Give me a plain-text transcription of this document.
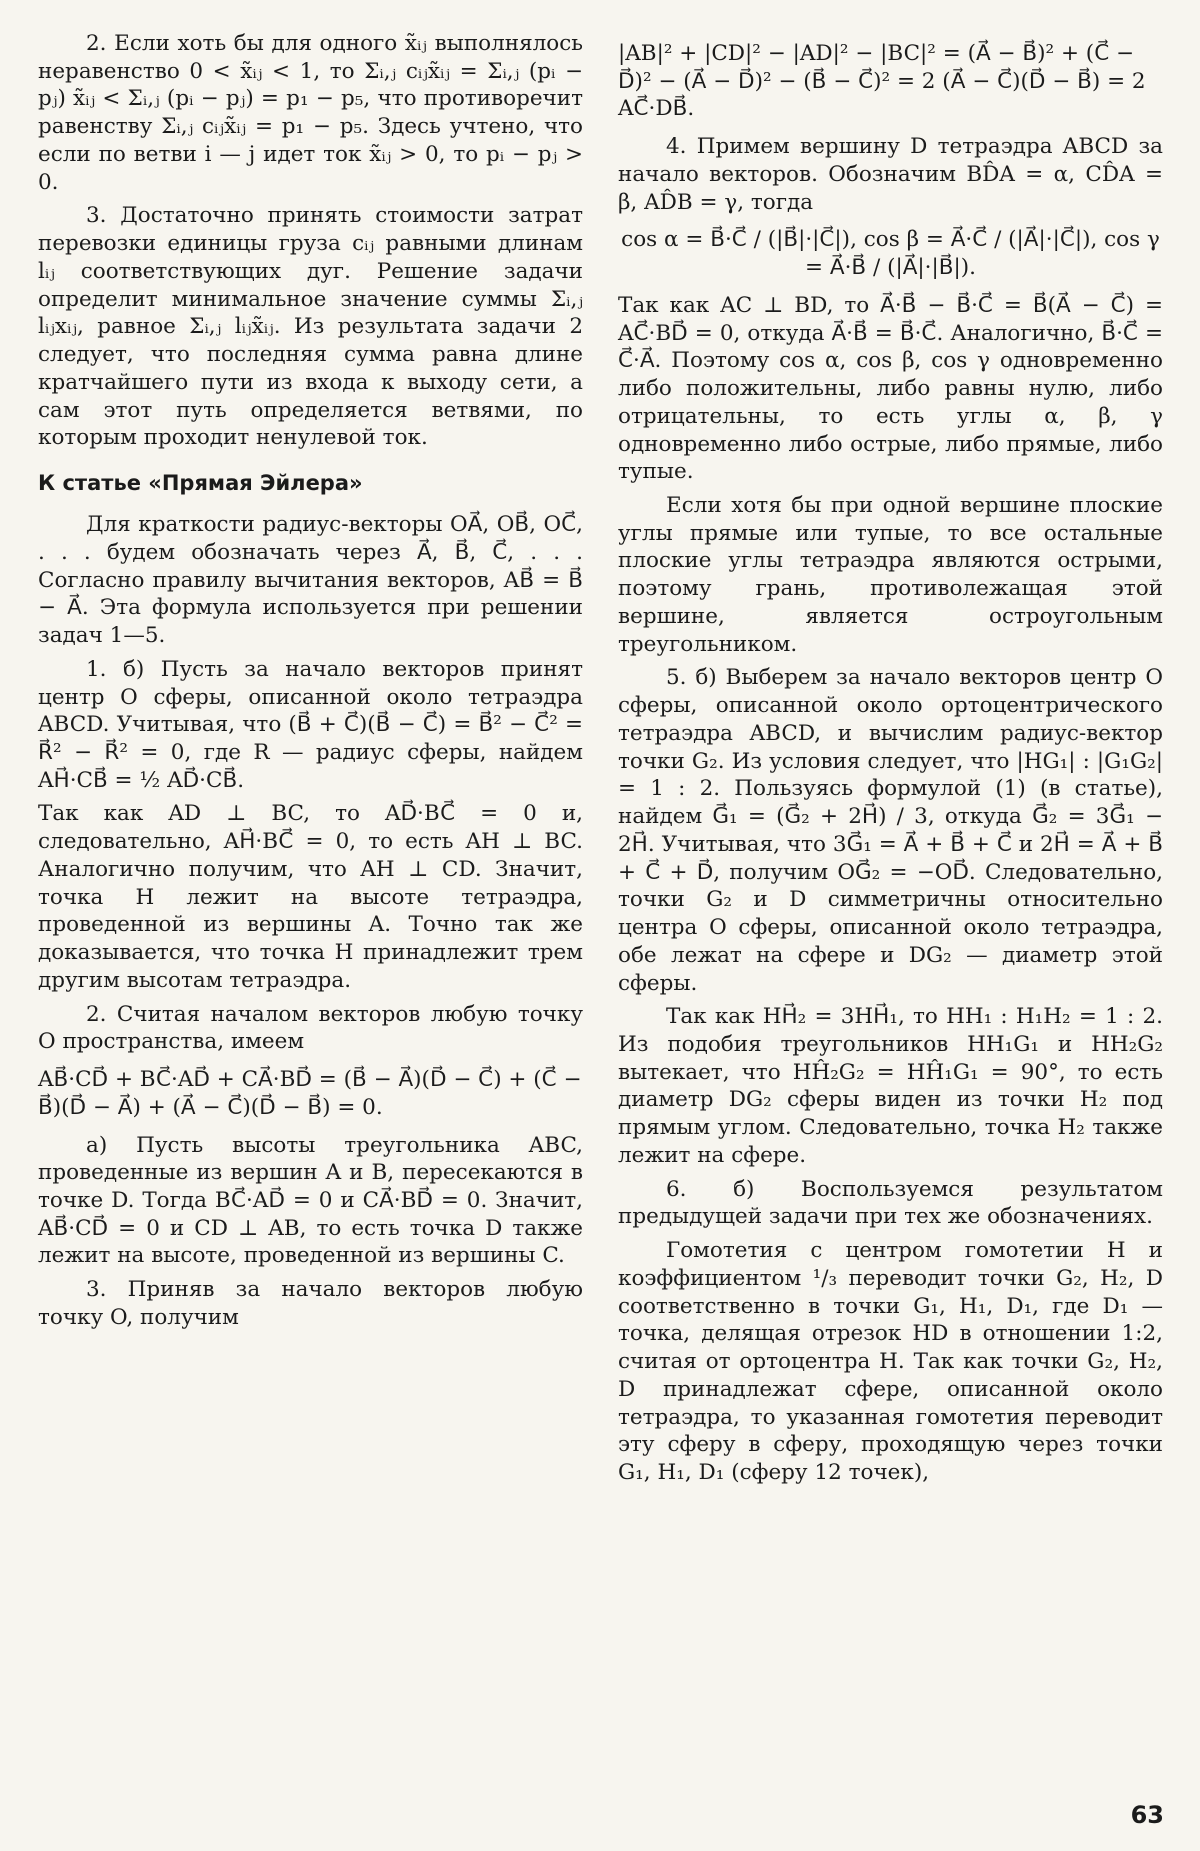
2. Если хоть бы для одного x̃ᵢⱼ выполнялось неравенство 0 < x̃ᵢⱼ < 1, то Σᵢ,ⱼ cᵢⱼx̃ᵢⱼ = Σᵢ,ⱼ (pᵢ − pⱼ) x̃ᵢⱼ < Σᵢ,ⱼ (pᵢ − pⱼ) = p₁ − p₅, что противоречит равенству Σᵢ,ⱼ cᵢⱼx̃ᵢⱼ = p₁ − p₅. Здесь учтено, что если по ветви i — j идет ток x̃ᵢⱼ > 0, то pᵢ − pⱼ > 0.

3. Достаточно принять стоимости затрат перевозки единицы груза cᵢⱼ равными длинам lᵢⱼ соответствующих дуг. Решение задачи определит минимальное значение суммы Σᵢ,ⱼ lᵢⱼxᵢⱼ, равное Σᵢ,ⱼ lᵢⱼx̃ᵢⱼ. Из результата задачи 2 следует, что последняя сумма равна длине кратчайшего пути из входа к выходу сети, а сам этот путь определяется ветвями, по которым проходит ненулевой ток.

К статье «Прямая Эйлера»

Для краткости радиус-векторы OA⃗, OB⃗, OC⃗, . . . будем обозначать через A⃗, B⃗, C⃗, . . . Согласно правилу вычитания векторов, AB⃗ = B⃗ − A⃗. Эта формула используется при решении задач 1—5.

1. б) Пусть за начало векторов принят центр O сферы, описанной около тетраэдра ABCD. Учитывая, что (B⃗ + C⃗)(B⃗ − C⃗) = B⃗² − C⃗² = R⃗² − R⃗² = 0, где R — радиус сферы, найдем AH⃗·CB⃗ = ½ AD⃗·CB⃗.

Так как AD ⊥ BC, то AD⃗·BC⃗ = 0 и, следовательно, AH⃗·BC⃗ = 0, то есть AH ⊥ BC. Аналогично получим, что AH ⊥ CD. Значит, точка H лежит на высоте тетраэдра, проведенной из вершины A. Точно так же доказывается, что точка H принадлежит трем другим высотам тетраэдра.

2. Считая началом векторов любую точку O пространства, имеем

AB⃗·CD⃗ + BC⃗·AD⃗ + CA⃗·BD⃗ = (B⃗ − A⃗)(D⃗ − C⃗) + (C⃗ − B⃗)(D⃗ − A⃗) + (A⃗ − C⃗)(D⃗ − B⃗) = 0.

а) Пусть высоты треугольника ABC, проведенные из вершин A и B, пересекаются в точке D. Тогда BC⃗·AD⃗ = 0 и CA⃗·BD⃗ = 0. Значит, AB⃗·CD⃗ = 0 и CD ⊥ AB, то есть точка D также лежит на высоте, проведенной из вершины C.

3. Приняв за начало векторов любую точку O, получим

|AB|² + |CD|² − |AD|² − |BC|² = (A⃗ − B⃗)² + (C⃗ − D⃗)² − (A⃗ − D⃗)² − (B⃗ − C⃗)² = 2 (A⃗ − C⃗)(D⃗ − B⃗) = 2 AC⃗·DB⃗.

4. Примем вершину D тетраэдра ABCD за начало векторов. Обозначим BD̂A = α, CD̂A = β, AD̂B = γ, тогда

cos α = B⃗·C⃗ / (|B⃗|·|C⃗|), cos β = A⃗·C⃗ / (|A⃗|·|C⃗|), cos γ = A⃗·B⃗ / (|A⃗|·|B⃗|).

Так как AC ⊥ BD, то A⃗·B⃗ − B⃗·C⃗ = B⃗(A⃗ − C⃗) = AC⃗·BD⃗ = 0, откуда A⃗·B⃗ = B⃗·C⃗. Аналогично, B⃗·C⃗ = C⃗·A⃗. Поэтому cos α, cos β, cos γ одновременно либо положительны, либо равны нулю, либо отрицательны, то есть углы α, β, γ одновременно либо острые, либо прямые, либо тупые.

Если хотя бы при одной вершине плоские углы прямые или тупые, то все остальные плоские углы тетраэдра являются острыми, поэтому грань, противолежащая этой вершине, является остроугольным треугольником.

5. б) Выберем за начало векторов центр O сферы, описанной около ортоцентрического тетраэдра ABCD, и вычислим радиус-вектор точки G₂. Из условия следует, что |HG₁| : |G₁G₂| = 1 : 2. Пользуясь формулой (1) (в статье), найдем G⃗₁ = (G⃗₂ + 2H⃗) / 3, откуда G⃗₂ = 3G⃗₁ − 2H⃗. Учитывая, что 3G⃗₁ = A⃗ + B⃗ + C⃗ и 2H⃗ = A⃗ + B⃗ + C⃗ + D⃗, получим OG⃗₂ = −OD⃗. Следовательно, точки G₂ и D симметричны относительно центра O сферы, описанной около тетраэдра, обе лежат на сфере и DG₂ — диаметр этой сферы.

Так как HH⃗₂ = 3HH⃗₁, то HH₁ : H₁H₂ = 1 : 2. Из подобия треугольников HH₁G₁ и HH₂G₂ вытекает, что HĤ₂G₂ = HĤ₁G₁ = 90°, то есть диаметр DG₂ сферы виден из точки H₂ под прямым углом. Следовательно, точка H₂ также лежит на сфере.

6. б) Воспользуемся результатом предыдущей задачи при тех же обозначениях.

Гомотетия с центром гомотетии H и коэффициентом ¹/₃ переводит точки G₂, H₂, D соответственно в точки G₁, H₁, D₁, где D₁ — точка, делящая отрезок HD в отношении 1:2, считая от ортоцентра H. Так как точки G₂, H₂, D принадлежат сфере, описанной около тетраэдра, то указанная гомотетия переводит эту сферу в сферу, проходящую через точки G₁, H₁, D₁ (сферу 12 точек),

63
